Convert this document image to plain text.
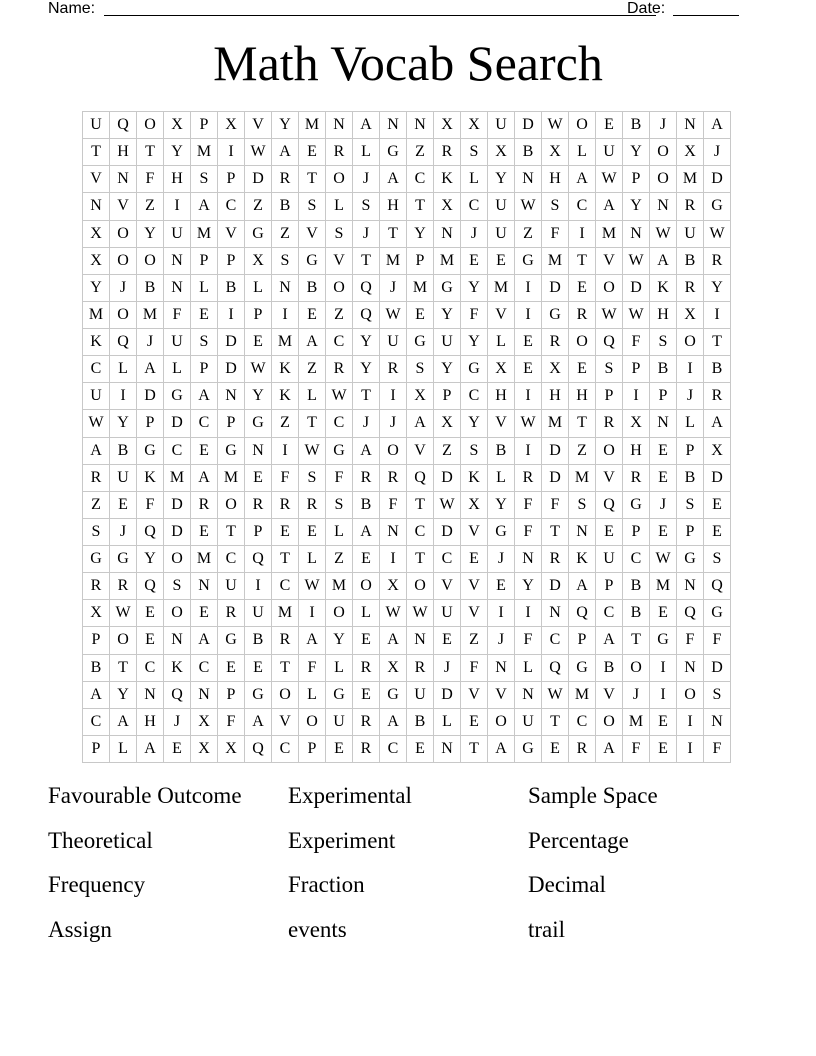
Name:	Date:
Math Vocab Search
U Q O X	P	X V Y M N A N N X X U D W O	E	B	J	N A
T	H	T	Y M	I	W A	E	R	L	G	Z	R	S	X B X	L	U Y O X	J
V N	F	H	S	P	D R	T	O	J	A C K	L	Y N H A W P	O M D
N V	Z	I	A C	Z	B	S	L	S	H	T	X C U W S	C A Y N R G
X O Y U M V G	Z	V	S	J	T	Y N	J	U	Z	F	I	M N W U W
X O O N	P	P	X	S	G V	T M P M E	E	G M T	V W A B	R
Y	J	B N	L	B	L	N B O Q	J	M G Y M	I	D	E	O D K R Y
M O M F	E	I	P	I	E	Z	Q W E	Y	F	V	I	G R W W H X	I
K Q	J	U	S	D	E M A C Y U G U Y	L	E	R O Q	F	S	O	T
C	L	A	L	P	D W K	Z	R Y R	S	Y G X	E	X	E	S	P	B	I	B
U	I	D G A N Y K	L W T	I	X	P	C H	I	H H	P	I	P	J	R
W Y	P	D C	P	G	Z	T	C	J	J	A X Y V W M T	R X N	L	A
A B G C	E	G N	I	W G A O V	Z	S	B	I	D	Z	O H	E	P	X
R U K M A M E	F	S	F	R	R Q D K	L	R D M V R	E	B D
Z	E	F	D R O R	R	R	S	B	F	T W X Y	F	F	S	Q G	J	S	E
S	J	Q D	E	T	P	E	E	L	A N C D V G	F	T	N	E	P	E	P	E
G G Y O M C Q	T	L	Z	E	I	T	C	E	J	N R K U C W G	S
R	R Q	S	N U	I	C W M O X O V V	E	Y D A	P	B M N Q
X W E	O	E	R U M	I	O	L W W U V	I	I	N Q C	B	E	Q G
P	O	E	N A G B	R A Y	E	A N	E	Z	J	F	C	P	A	T	G	F	F
B	T	C K C	E	E	T	F	L	R X R	J	F	N	L	Q G B O	I	N D
A Y N Q N	P	G O	L	G	E	G U D V V N W M V	J	I	O	S
C A H	J	X	F	A V O U R A B	L	E	O U	T	C O M E	I	N
P	L	A	E	X X Q C	P	E	R	C	E	N	T	A G	E	R A	F	E	I	F
Favourable Outcome	Experimental	Sample Space
Theoretical	Experiment	Percentage
Frequency	Fraction	Decimal
Assign	events	trail
